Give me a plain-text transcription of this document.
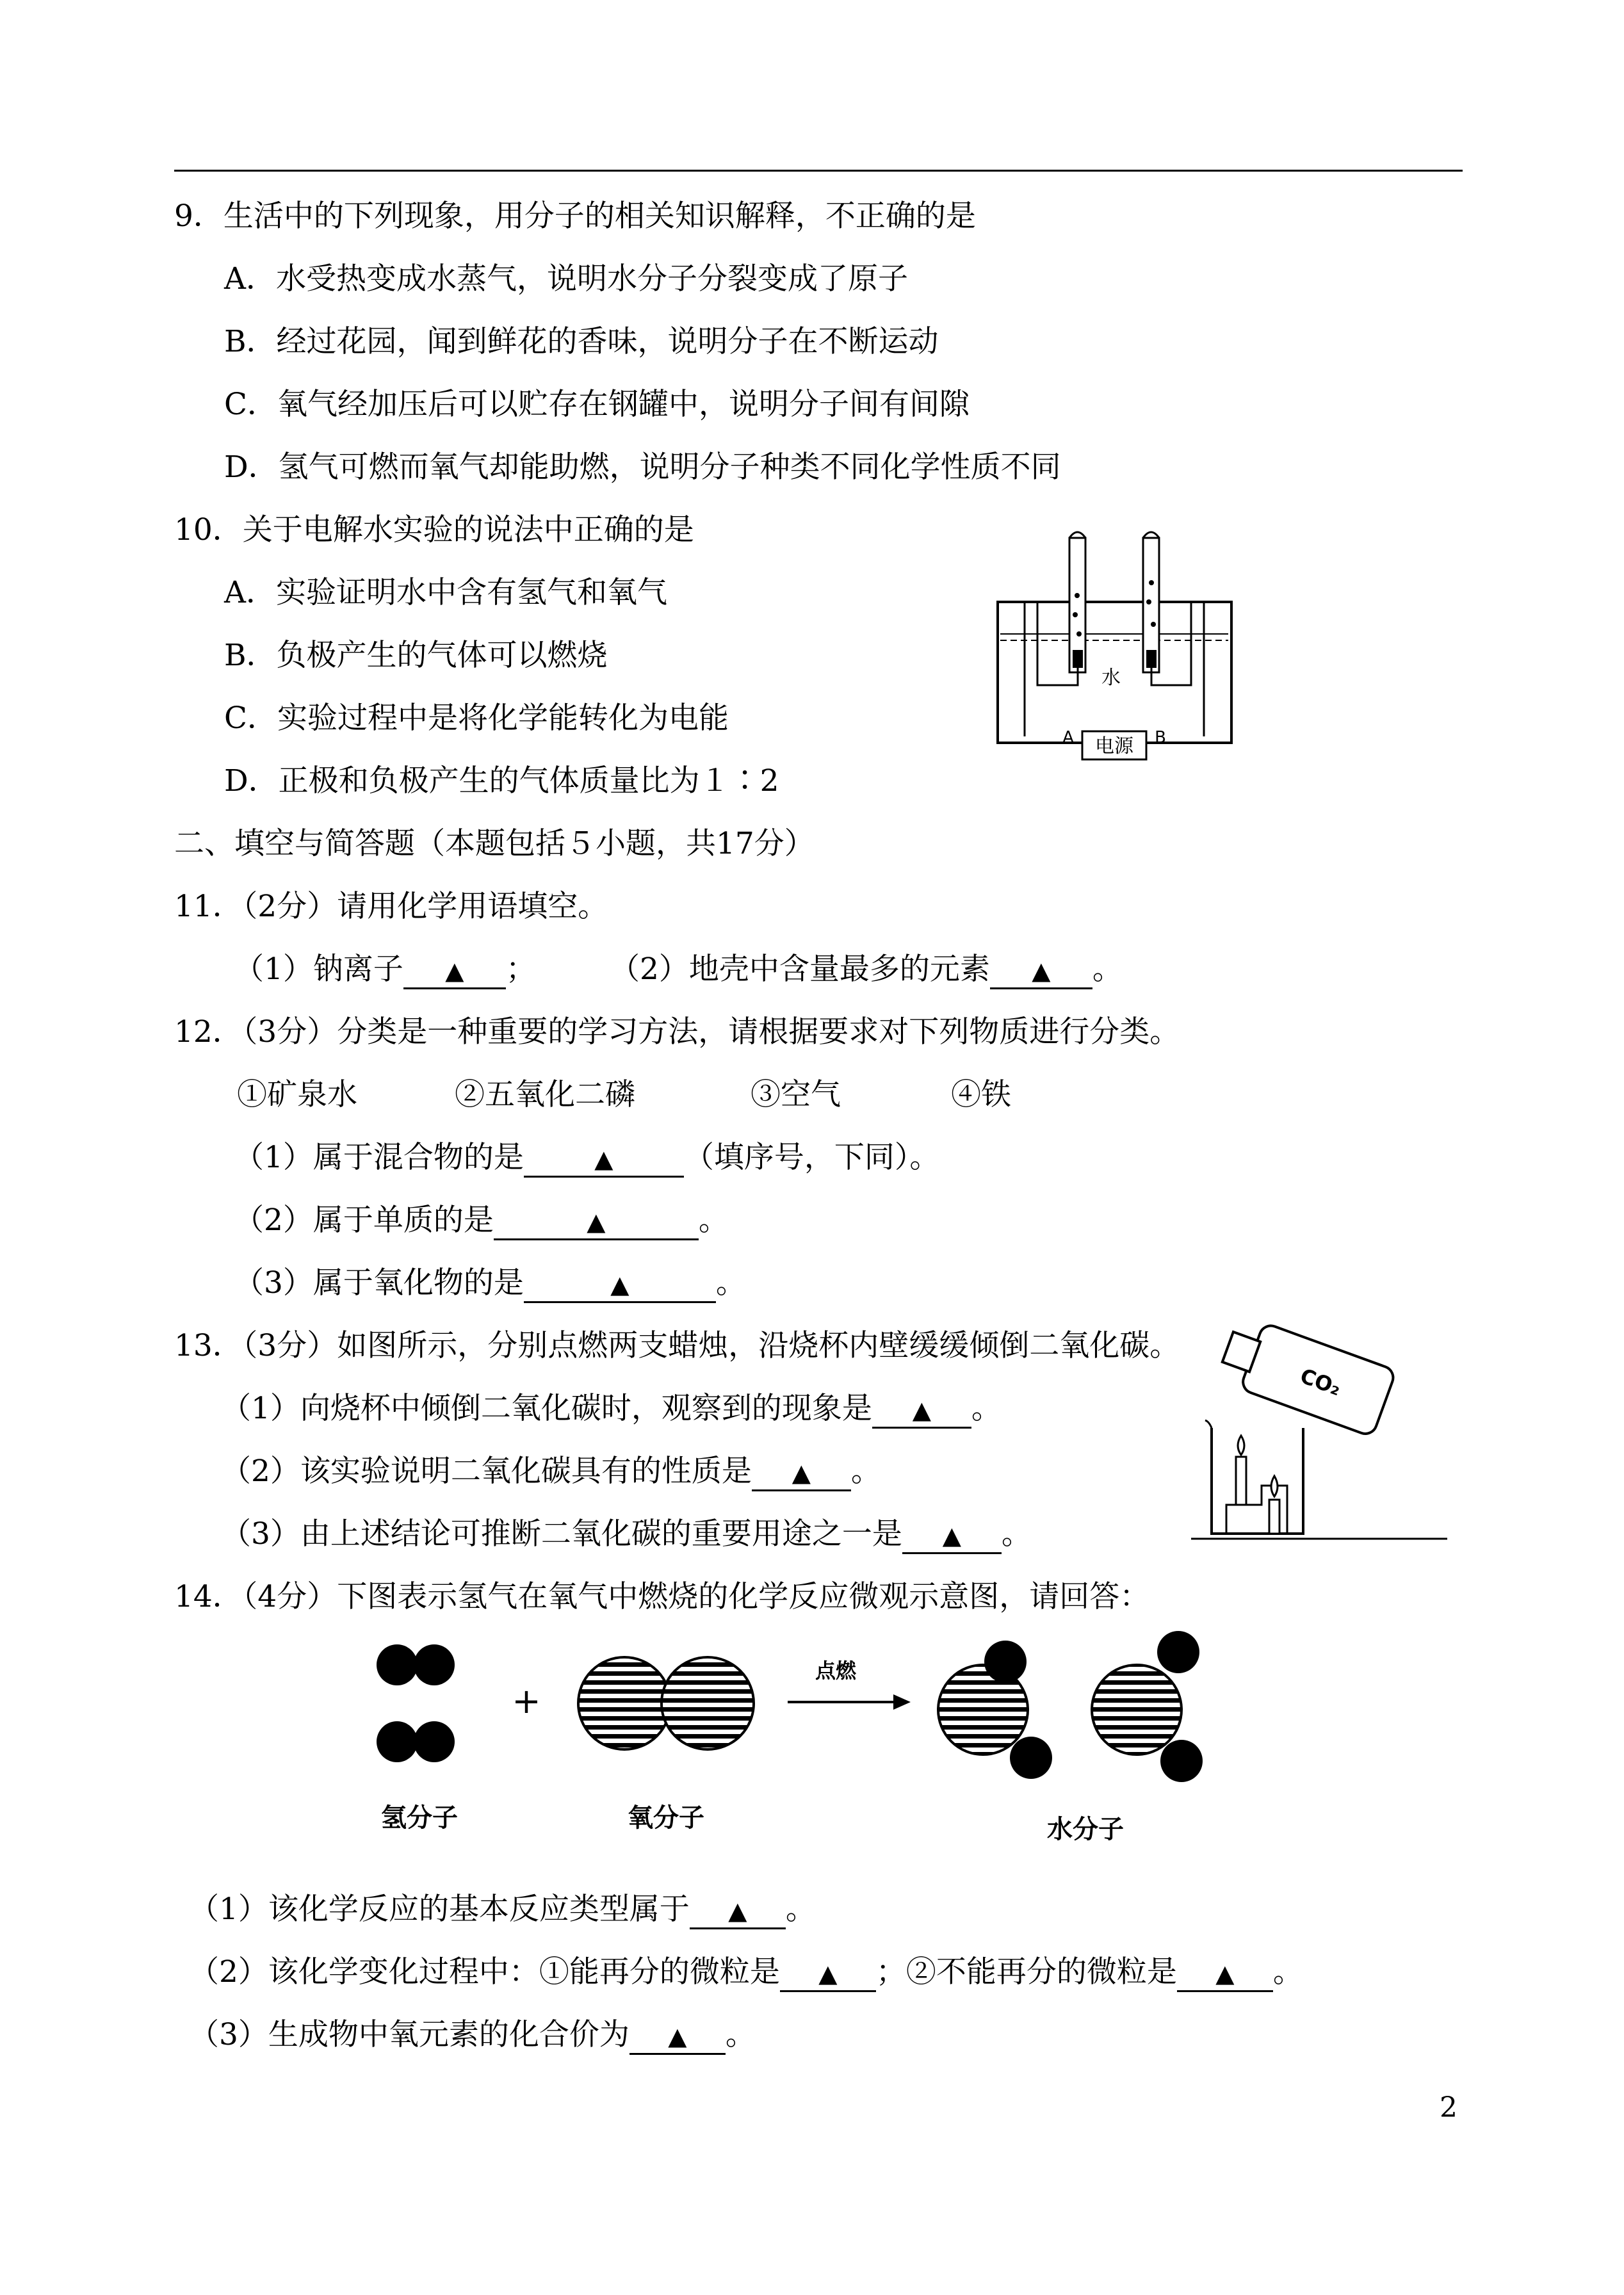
9．生活中的下列现象，用分子的相关知识解释，不正确的是
A．水受热变成水蒸气，说明水分子分裂变成了原子
B．经过花园，闻到鲜花的香味，说明分子在不断运动
C．氧气经加压后可以贮存在钢罐中，说明分子间有间隙
D．氢气可燃而氧气却能助燃，说明分子种类不同化学性质不同
10．关于电解水实验的说法中正确的是
A．实验证明水中含有氢气和氧气
B．负极产生的气体可以燃烧
C．实验过程中是将化学能转化为电能
D．正极和负极产生的气体质量比为１∶2
水
电源
A	B
二、填空与简答题（本题包括５小题，共17分）
11．（2分）请用化学用语填空。
（1）钠离子 ▲ ； （2）地壳中含量最多的元素 ▲ 。
12．（3分）分类是一种重要的学习方法，请根据要求对下列物质进行分类。
①矿泉水	②五氧化二磷	③空气	④铁
（1）属于混合物的是	▲ （填序号，下同）。
（2）属于单质的是	▲	。
（3）属于氧化物的是	▲	。
13．（3分）如图所示，分别点燃两支蜡烛，沿烧杯内壁缓缓倾倒二氧化碳。
（1）向烧杯中倾倒二氧化碳时，观察到的现象是 ▲ 。
（2）该实验说明二氧化碳具有的性质是 ▲ 。
（3）由上述结论可推断二氧化碳的重要用途之一是 ▲ 。
CO₂
14．（4分）下图表示氢气在氧气中燃烧的化学反应微观示意图，请回答：
+
点燃
氢分子	氧分子	水分子
（1）该化学反应的基本反应类型属于 ▲ 。
（2）该化学变化过程中：①能再分的微粒是 ▲ ；②不能再分的微粒是 ▲ 。
（3）生成物中氧元素的化合价为 ▲ 。
2
